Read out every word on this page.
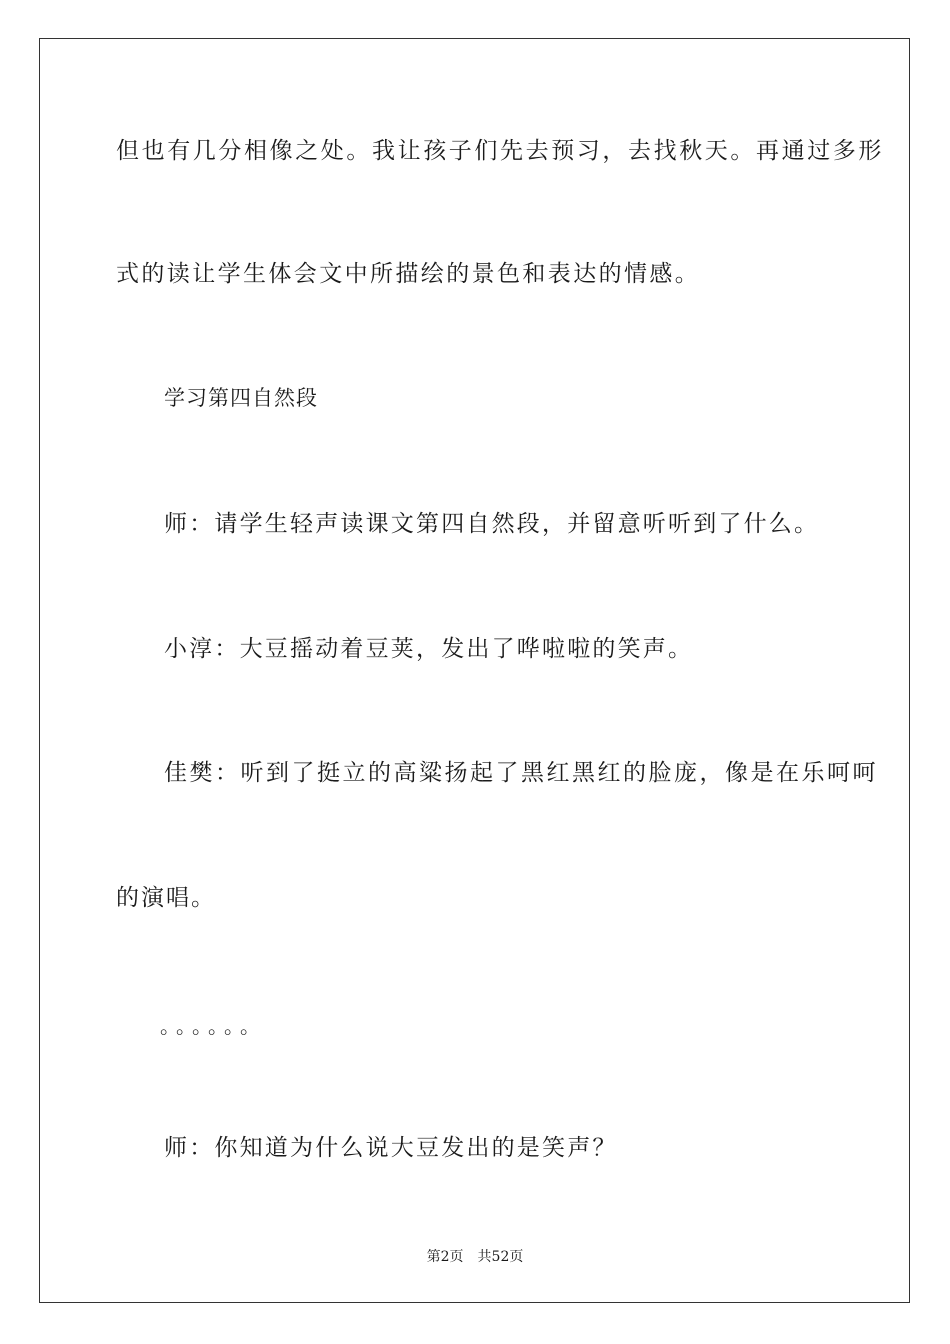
但也有几分相像之处。我让孩子们先去预习，去找秋天。再通过多形
式的读让学生体会文中所描绘的景色和表达的情感。
学习第四自然段
师：请学生轻声读课文第四自然段，并留意听听到了什么。
小淳：大豆摇动着豆荚，发出了哗啦啦的笑声。
佳樊：听到了挺立的高粱扬起了黑红黑红的脸庞，像是在乐呵呵
的演唱。
。。。。。。
师：你知道为什么说大豆发出的是笑声？
第2页 共52页
